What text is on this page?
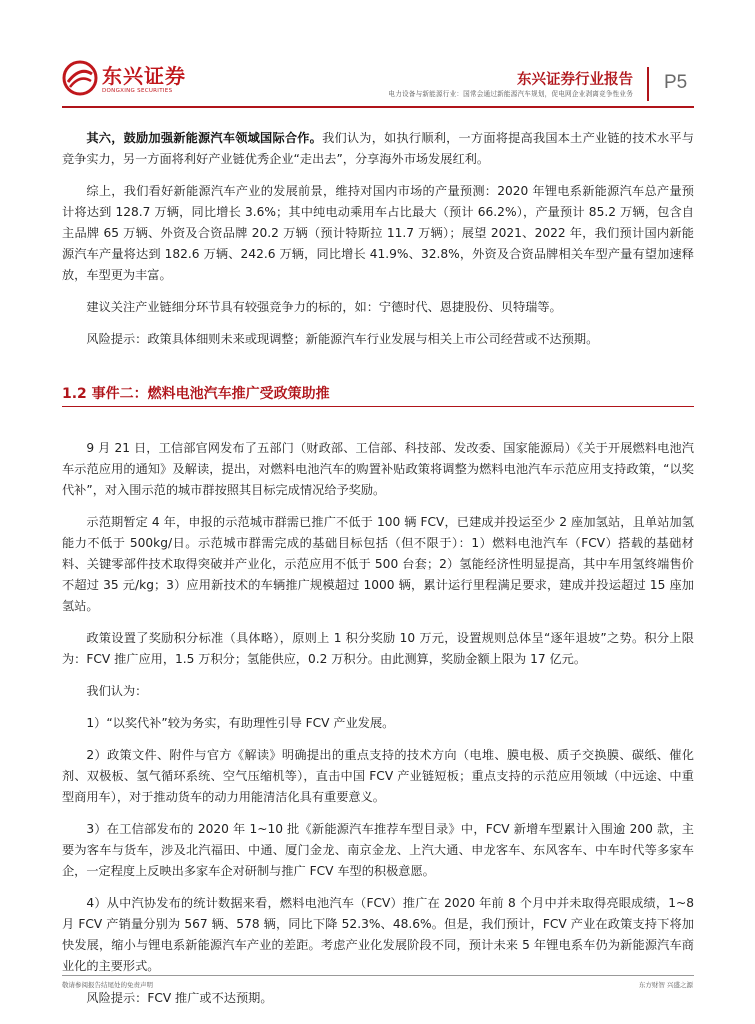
东兴证券
DONGXING SECURITIES
东兴证券行业报告
电力设备与新能源行业：国常会通过新能源汽车规划，促电网企业剥离竞争性业务
P5

其六，鼓励加强新能源汽车领域国际合作。我们认为，如执行顺利，一方面将提高我国本土产业链的技术水平与竞争实力，另一方面将利好产业链优秀企业“走出去”，分享海外市场发展红利。

综上，我们看好新能源汽车产业的发展前景，维持对国内市场的产量预测：2020 年锂电系新能源汽车总产量预计将达到 128.7 万辆，同比增长 3.6%；其中纯电动乘用车占比最大（预计 66.2%），产量预计 85.2 万辆，包含自主品牌 65 万辆、外资及合资品牌 20.2 万辆（预计特斯拉 11.7 万辆）；展望 2021、2022 年，我们预计国内新能源汽车产量将达到 182.6 万辆、242.6 万辆，同比增长 41.9%、32.8%，外资及合资品牌相关车型产量有望加速释放，车型更为丰富。

建议关注产业链细分环节具有较强竞争力的标的，如：宁德时代、恩捷股份、贝特瑞等。

风险提示：政策具体细则未来或现调整；新能源汽车行业发展与相关上市公司经营或不达预期。

1.2 事件二：燃料电池汽车推广受政策助推

9 月 21 日，工信部官网发布了五部门（财政部、工信部、科技部、发改委、国家能源局）《关于开展燃料电池汽车示范应用的通知》及解读，提出，对燃料电池汽车的购置补贴政策将调整为燃料电池汽车示范应用支持政策，“以奖代补”，对入围示范的城市群按照其目标完成情况给予奖励。

示范期暂定 4 年，申报的示范城市群需已推广不低于 100 辆 FCV，已建成并投运至少 2 座加氢站，且单站加氢能力不低于 500kg/日。示范城市群需完成的基础目标包括（但不限于）：1）燃料电池汽车（FCV）搭载的基础材料、关键零部件技术取得突破并产业化，示范应用不低于 500 台套；2）氢能经济性明显提高，其中车用氢终端售价不超过 35 元/kg；3）应用新技术的车辆推广规模超过 1000 辆，累计运行里程满足要求，建成并投运超过 15 座加氢站。

政策设置了奖励积分标准（具体略），原则上 1 积分奖励 10 万元，设置规则总体呈“逐年退坡”之势。积分上限为：FCV 推广应用，1.5 万积分；氢能供应，0.2 万积分。由此测算，奖励金额上限为 17 亿元。

我们认为：

1）“以奖代补”较为务实，有助理性引导 FCV 产业发展。

2）政策文件、附件与官方《解读》明确提出的重点支持的技术方向（电堆、膜电极、质子交换膜、碳纸、催化剂、双极板、氢气循环系统、空气压缩机等），直击中国 FCV 产业链短板；重点支持的示范应用领域（中远途、中重型商用车），对于推动货车的动力用能清洁化具有重要意义。

3）在工信部发布的 2020 年 1~10 批《新能源汽车推荐车型目录》中，FCV 新增车型累计入围逾 200 款，主要为客车与货车，涉及北汽福田、中通、厦门金龙、南京金龙、上汽大通、申龙客车、东风客车、中车时代等多家车企，一定程度上反映出多家车企对研制与推广 FCV 车型的积极意愿。

4）从中汽协发布的统计数据来看，燃料电池汽车（FCV）推广在 2020 年前 8 个月中并未取得亮眼成绩，1~8 月 FCV 产销量分别为 567 辆、578 辆，同比下降 52.3%、48.6%。但是，我们预计，FCV 产业在政策支持下将加快发展，缩小与锂电系新能源汽车产业的差距。考虑产业化发展阶段不同，预计未来 5 年锂电系车仍为新能源汽车商业化的主要形式。

风险提示：FCV 推广或不达预期。

敬请参阅报告结尾处的免责声明	东方财智 兴盛之源
